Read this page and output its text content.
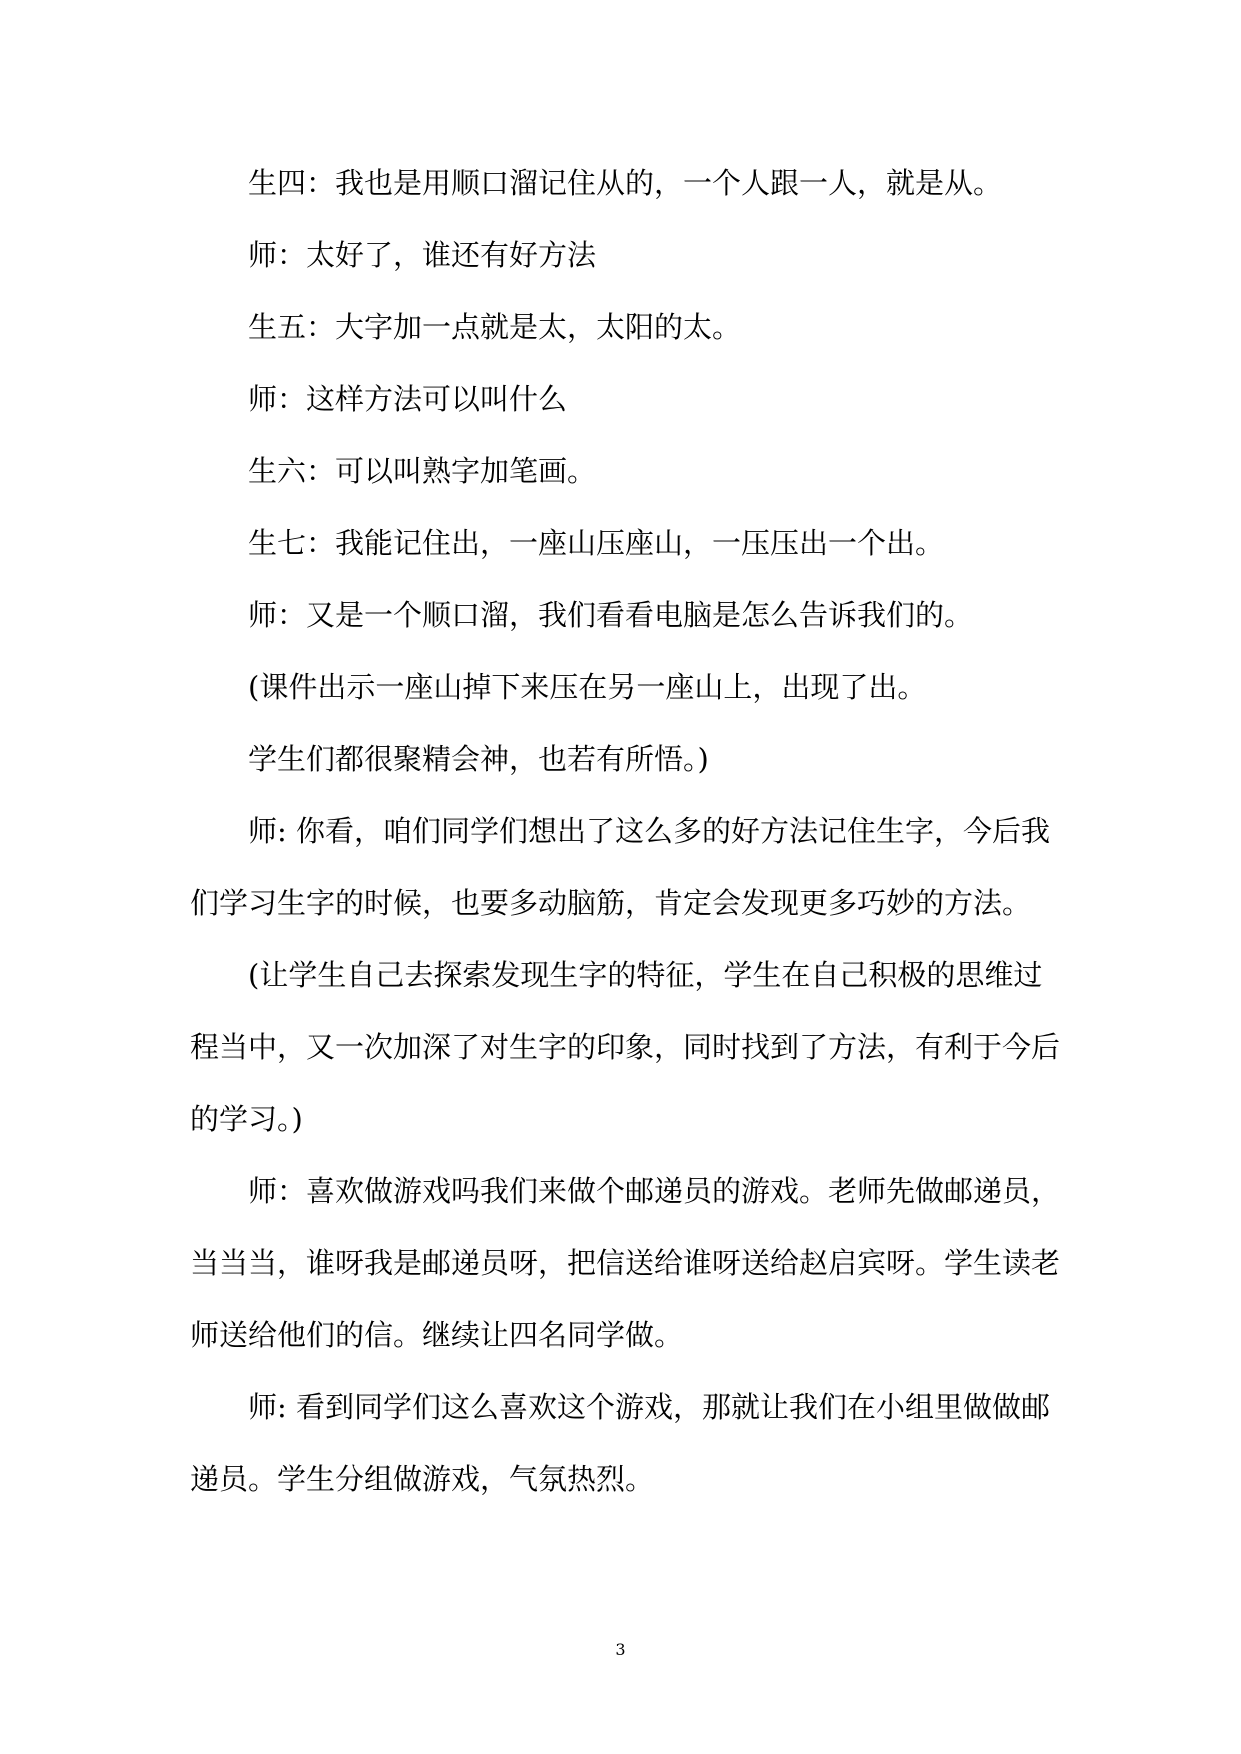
生四：我也是用顺口溜记住从的，一个人跟一人，就是从。

师：太好了，谁还有好方法

生五：大字加一点就是太，太阳的太。

师：这样方法可以叫什么

生六：可以叫熟字加笔画。

生七：我能记住出，一座山压座山，一压压出一个出。

师：又是一个顺口溜，我们看看电脑是怎么告诉我们的。

(课件出示一座山掉下来压在另一座山上，出现了出。

学生们都很聚精会神，也若有所悟。)

师: 你看，咱们同学们想出了这么多的好方法记住生字，今后我们学习生字的时候，也要多动脑筋，肯定会发现更多巧妙的方法。

(让学生自己去探索发现生字的特征，学生在自己积极的思维过程当中，又一次加深了对生字的印象，同时找到了方法，有利于今后的学习。)

师：喜欢做游戏吗我们来做个邮递员的游戏。老师先做邮递员，当当当，谁呀我是邮递员呀，把信送给谁呀送给赵启宾呀。学生读老师送给他们的信。继续让四名同学做。

师: 看到同学们这么喜欢这个游戏，那就让我们在小组里做做邮递员。学生分组做游戏，气氛热烈。

3
